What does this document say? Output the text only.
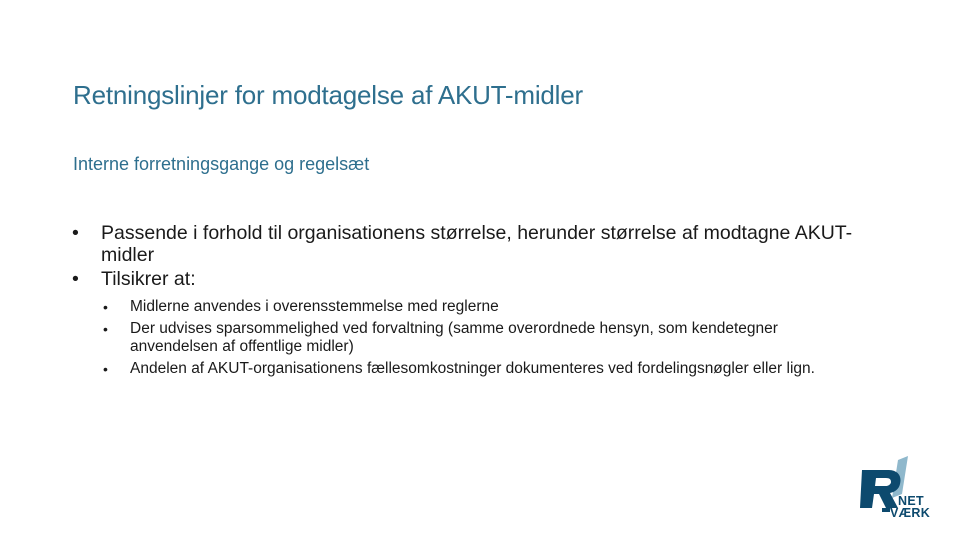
Retningslinjer for modtagelse af AKUT-midler
Interne forretningsgange og regelsæt
•	Passende i forhold til organisationens størrelse, herunder størrelse af modtagne AKUT-midler
•	Tilsikrer at:
• Midlerne anvendes i overensstemmelse med reglerne
• Der udvises sparsommelighed ved forvaltning (samme overordnede hensyn, som kendetegner anvendelsen af offentlige midler)
• Andelen af AKUT-organisationens fællesomkostninger dokumenteres ved fordelingsnøgler eller lign.
NET
VÆRK
